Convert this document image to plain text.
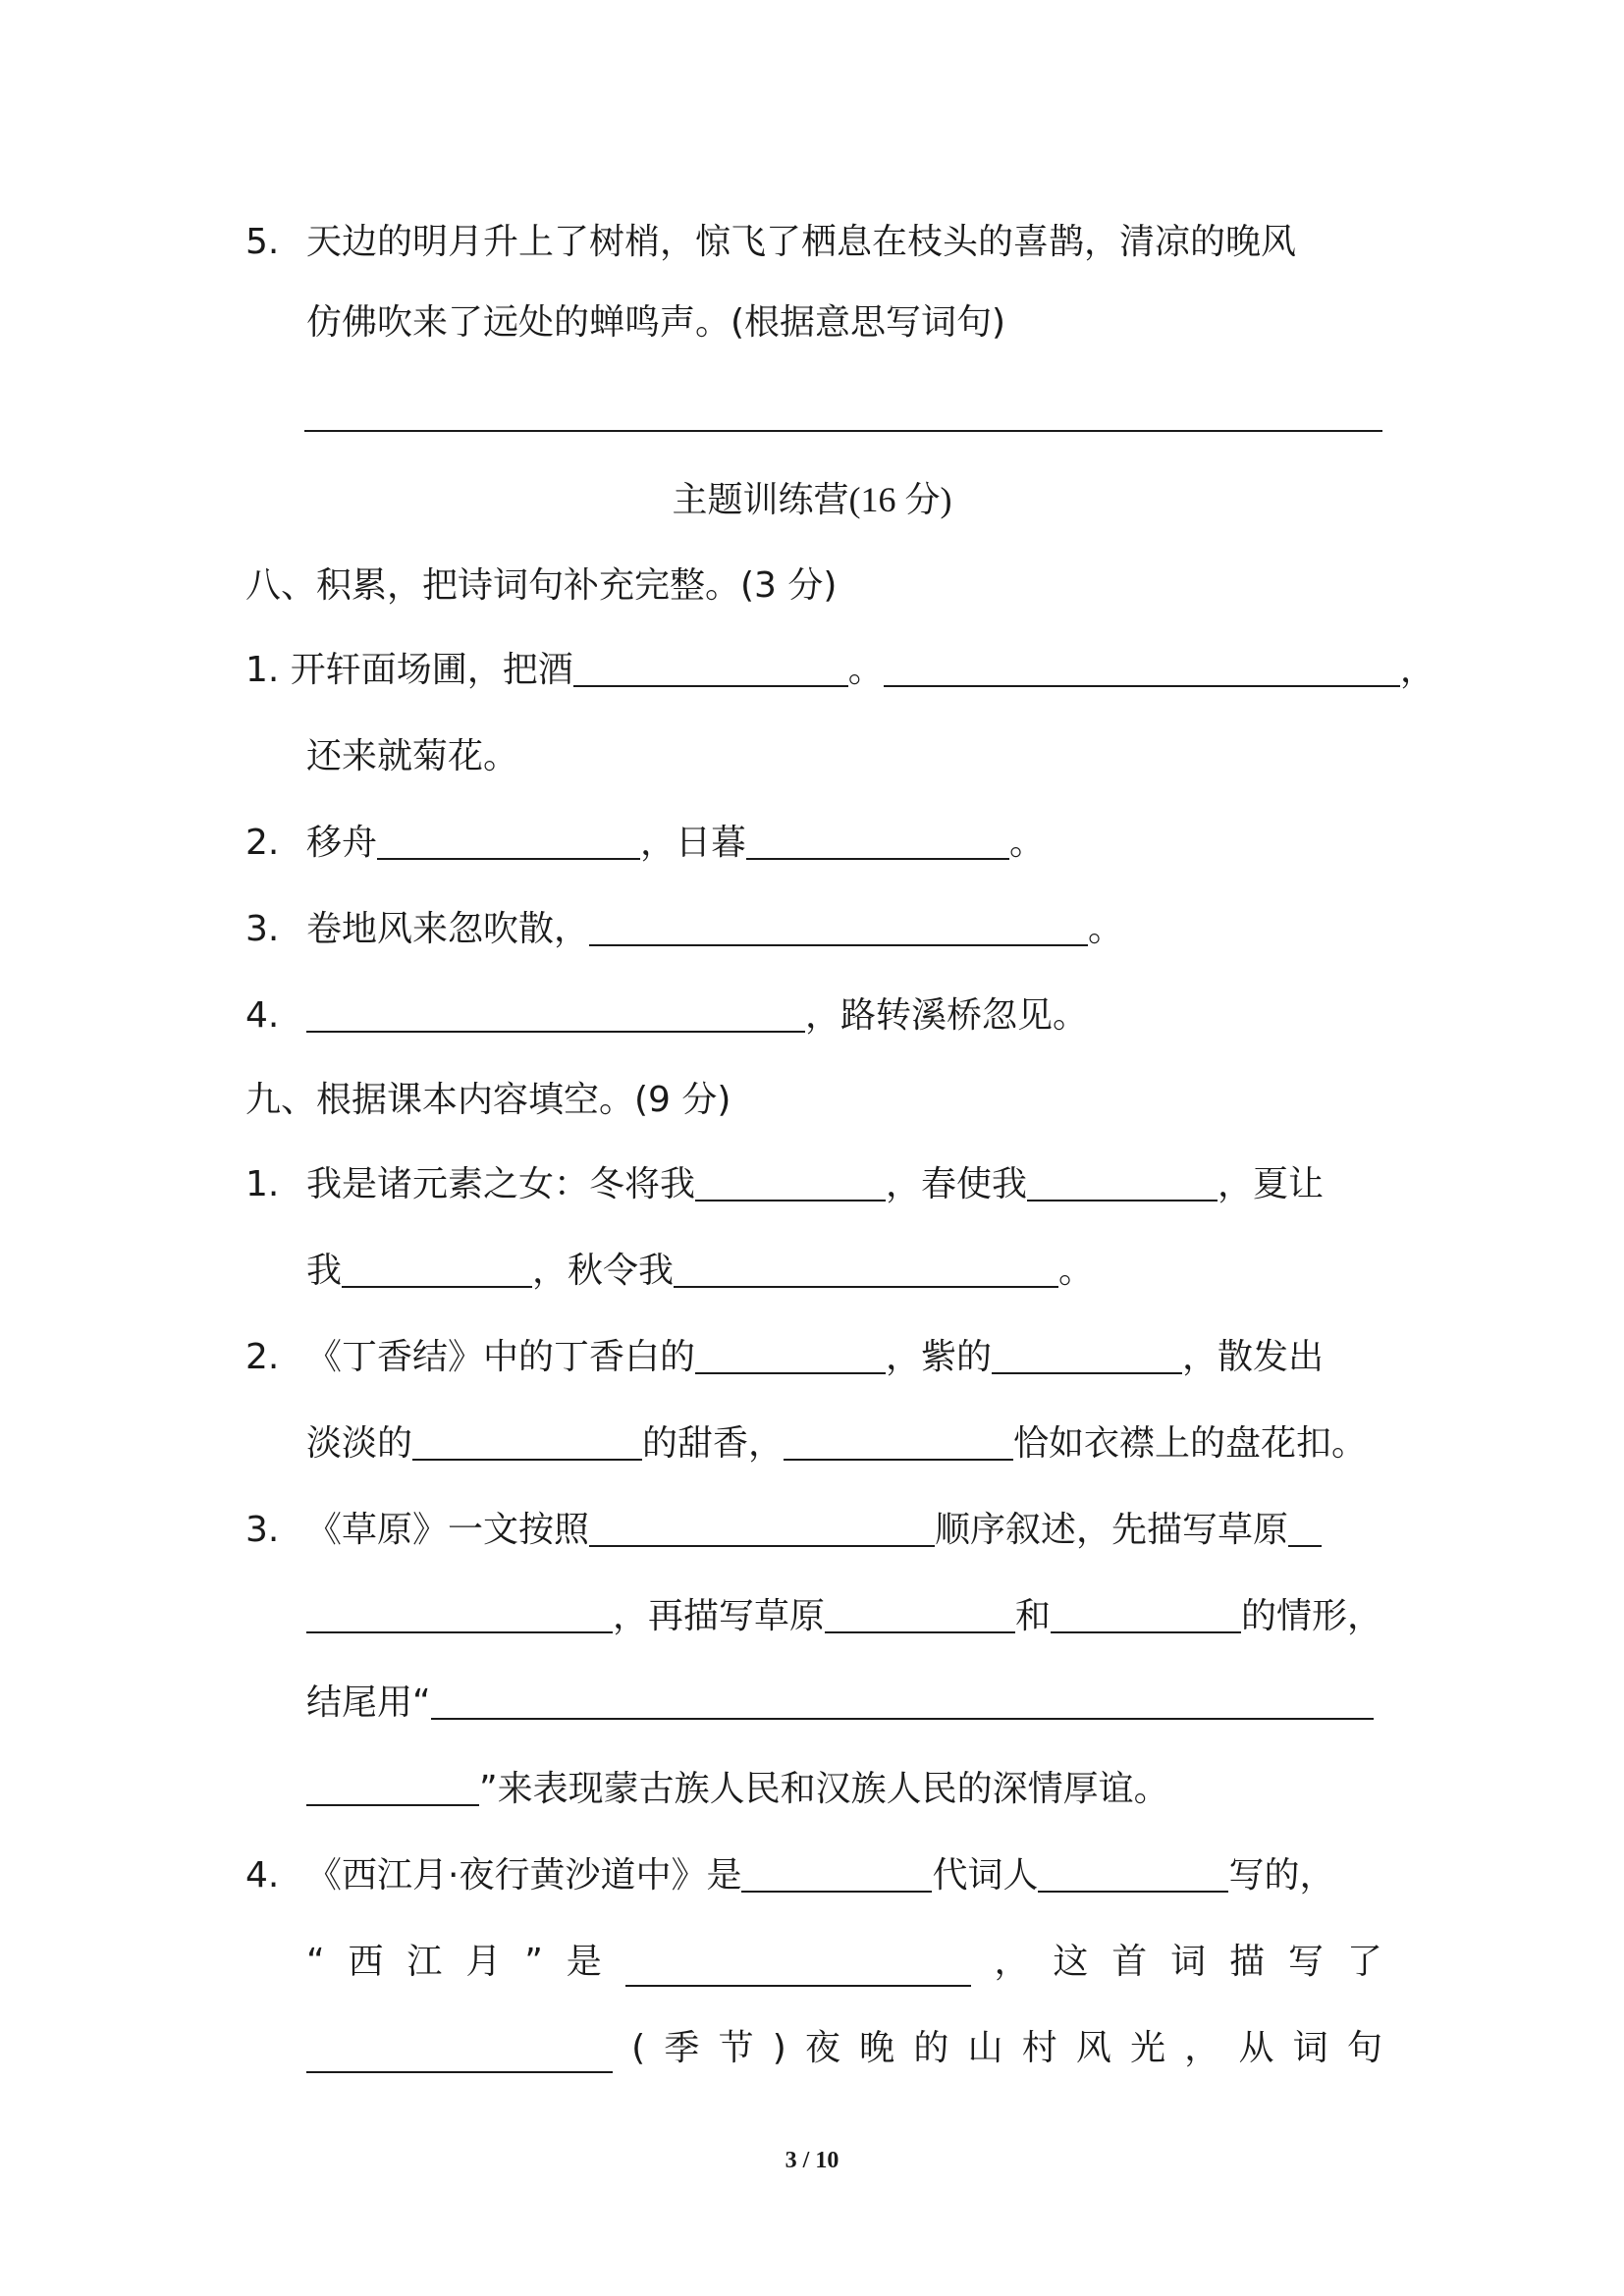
5. 天边的明月升上了树梢，惊飞了栖息在枝头的喜鹊，清凉的晚风
仿佛吹来了远处的蝉鸣声。(根据意思写词句)
主题训练营(16 分)
八、积累，把诗词句补充完整。(3 分)
1. 开轩面场圃，把酒	。	，
还来就菊花。
2. 移舟	，日暮	。
3. 卷地风来忽吹散，	。
4.	，路转溪桥忽见。
九、根据课本内容填空。(9 分)
1. 我是诸元素之女：冬将我	，春使我	，夏让
我	，秋令我	。
2. 《丁香结》中的丁香白的	，紫的	，散发出
淡淡的	的甜香，	恰如衣襟上的盘花扣。
3. 《草原》一文按照	顺序叙述，先描写草原
，再描写草原	和	的情形，
结尾用“
”来表现蒙古族人民和汉族人民的深情厚谊。
4. 《西江月·夜行黄沙道中》是	代词人	写的，
“ 西 江 月 ” 是	， 这 首 词 描 写 了
( 季 节 ) 夜 晚 的 山 村 风 光 ， 从 词 句
3 / 10
